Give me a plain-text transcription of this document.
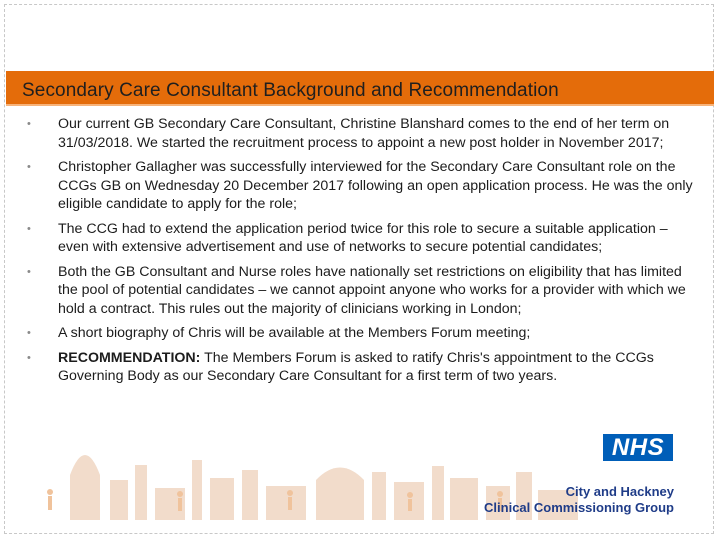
Secondary Care Consultant Background and Recommendation
• Our current GB Secondary Care Consultant, Christine Blanshard comes to the end of her term on 31/03/2018. We started the recruitment process to appoint a new post holder in November 2017;
• Christopher Gallagher was successfully interviewed for the Secondary Care Consultant role on the CCGs GB on Wednesday 20 December 2017 following an open application process. He was the only eligible candidate to apply for the role;
• The CCG had to extend the application period twice for this role to secure a suitable application – even with extensive advertisement and use of networks to secure potential candidates;
• Both the GB Consultant and Nurse roles have nationally set restrictions on eligibility that has limited the pool of potential candidates – we cannot appoint anyone who works for a provider with which we hold a contract. This rules out the majority of clinicians working in London;
• A short biography of Chris will be available at the Members Forum meeting;
• RECOMMENDATION: The Members Forum is asked to ratify Chris's appointment to the CCGs Governing Body as our Secondary Care Consultant for a first term of two years.
NHS
City and Hackney
Clinical Commissioning Group
